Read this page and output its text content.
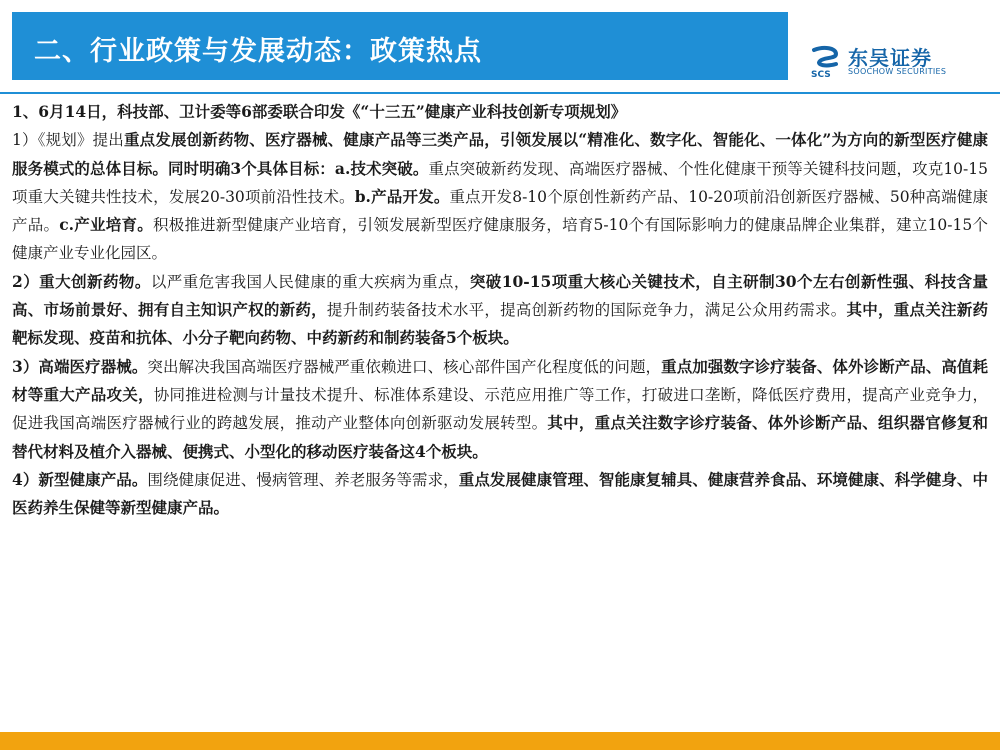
二、行业政策与发展动态：政策热点
SCS
东吴证券
SOOCHOW SECURITIES

1、6月14日，科技部、卫计委等6部委联合印发《“十三五”健康产业科技创新专项规划》

1）《规划》提出重点发展创新药物、医疗器械、健康产品等三类产品，引领发展以“精准化、数字化、智能化、一体化”为方向的新型医疗健康服务模式的总体目标。同时明确3个具体目标：a.技术突破。重点突破新药发现、高端医疗器械、个性化健康干预等关键科技问题，攻克10-15项重大关键共性技术，发展20-30项前沿性技术。b.产品开发。重点开发8-10个原创性新药产品、10-20项前沿创新医疗器械、50种高端健康产品。c.产业培育。积极推进新型健康产业培育，引领发展新型医疗健康服务，培育5-10个有国际影响力的健康品牌企业集群，建立10-15个健康产业专业化园区。

2）重大创新药物。以严重危害我国人民健康的重大疾病为重点，突破10-15项重大核心关键技术，自主研制30个左右创新性强、科技含量高、市场前景好、拥有自主知识产权的新药，提升制药装备技术水平，提高创新药物的国际竞争力，满足公众用药需求。其中，重点关注新药靶标发现、疫苗和抗体、小分子靶向药物、中药新药和制药装备5个板块。

3）高端医疗器械。突出解决我国高端医疗器械严重依赖进口、核心部件国产化程度低的问题，重点加强数字诊疗装备、体外诊断产品、高值耗材等重大产品攻关，协同推进检测与计量技术提升、标准体系建设、示范应用推广等工作，打破进口垄断，降低医疗费用，提高产业竞争力，促进我国高端医疗器械行业的跨越发展，推动产业整体向创新驱动发展转型。其中，重点关注数字诊疗装备、体外诊断产品、组织器官修复和替代材料及植介入器械、便携式、小型化的移动医疗装备这4个板块。

4）新型健康产品。围绕健康促进、慢病管理、养老服务等需求，重点发展健康管理、智能康复辅具、健康营养食品、环境健康、科学健身、中医药养生保健等新型健康产品。
